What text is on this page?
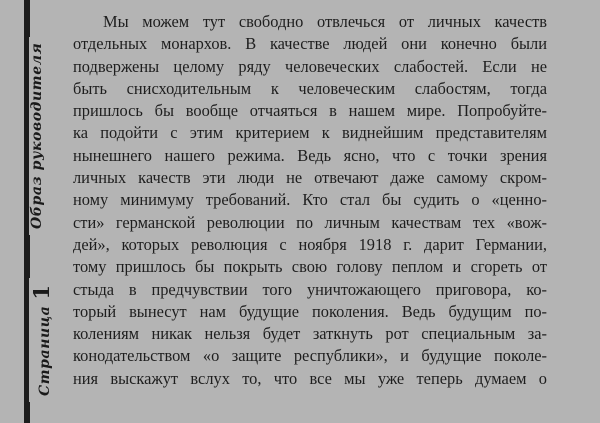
Образ руководителя
Страница1
Мы можем тут свободно отвлечься от личных качеств
отдельных монархов. В качестве людей они конечно были
подвержены целому ряду человеческих слабостей. Если не
быть снисходительным к человеческим слабостям, тогда
пришлось бы вообще отчаяться в нашем мире. Попробуйте-
ка подойти с этим критерием к виднейшим представителям
нынешнего нашего режима. Ведь ясно, что с точки зрения
личных качеств эти люди не отвечают даже самому скром-
ному минимуму требований. Кто стал бы судить о «ценно-
сти» германской революции по личным качествам тех «вож-
дей», которых революция с ноября 1918 г. дарит Германии,
тому пришлось бы покрыть свою голову пеплом и сгореть от
стыда в предчувствии того уничтожающего приговора, ко-
торый вынесут нам будущие поколения. Ведь будущим по-
колениям никак нельзя будет заткнуть рот специальным за-
конодательством «о защите республики», и будущие поколе-
ния выскажут вслух то, что все мы уже теперь думаем о
